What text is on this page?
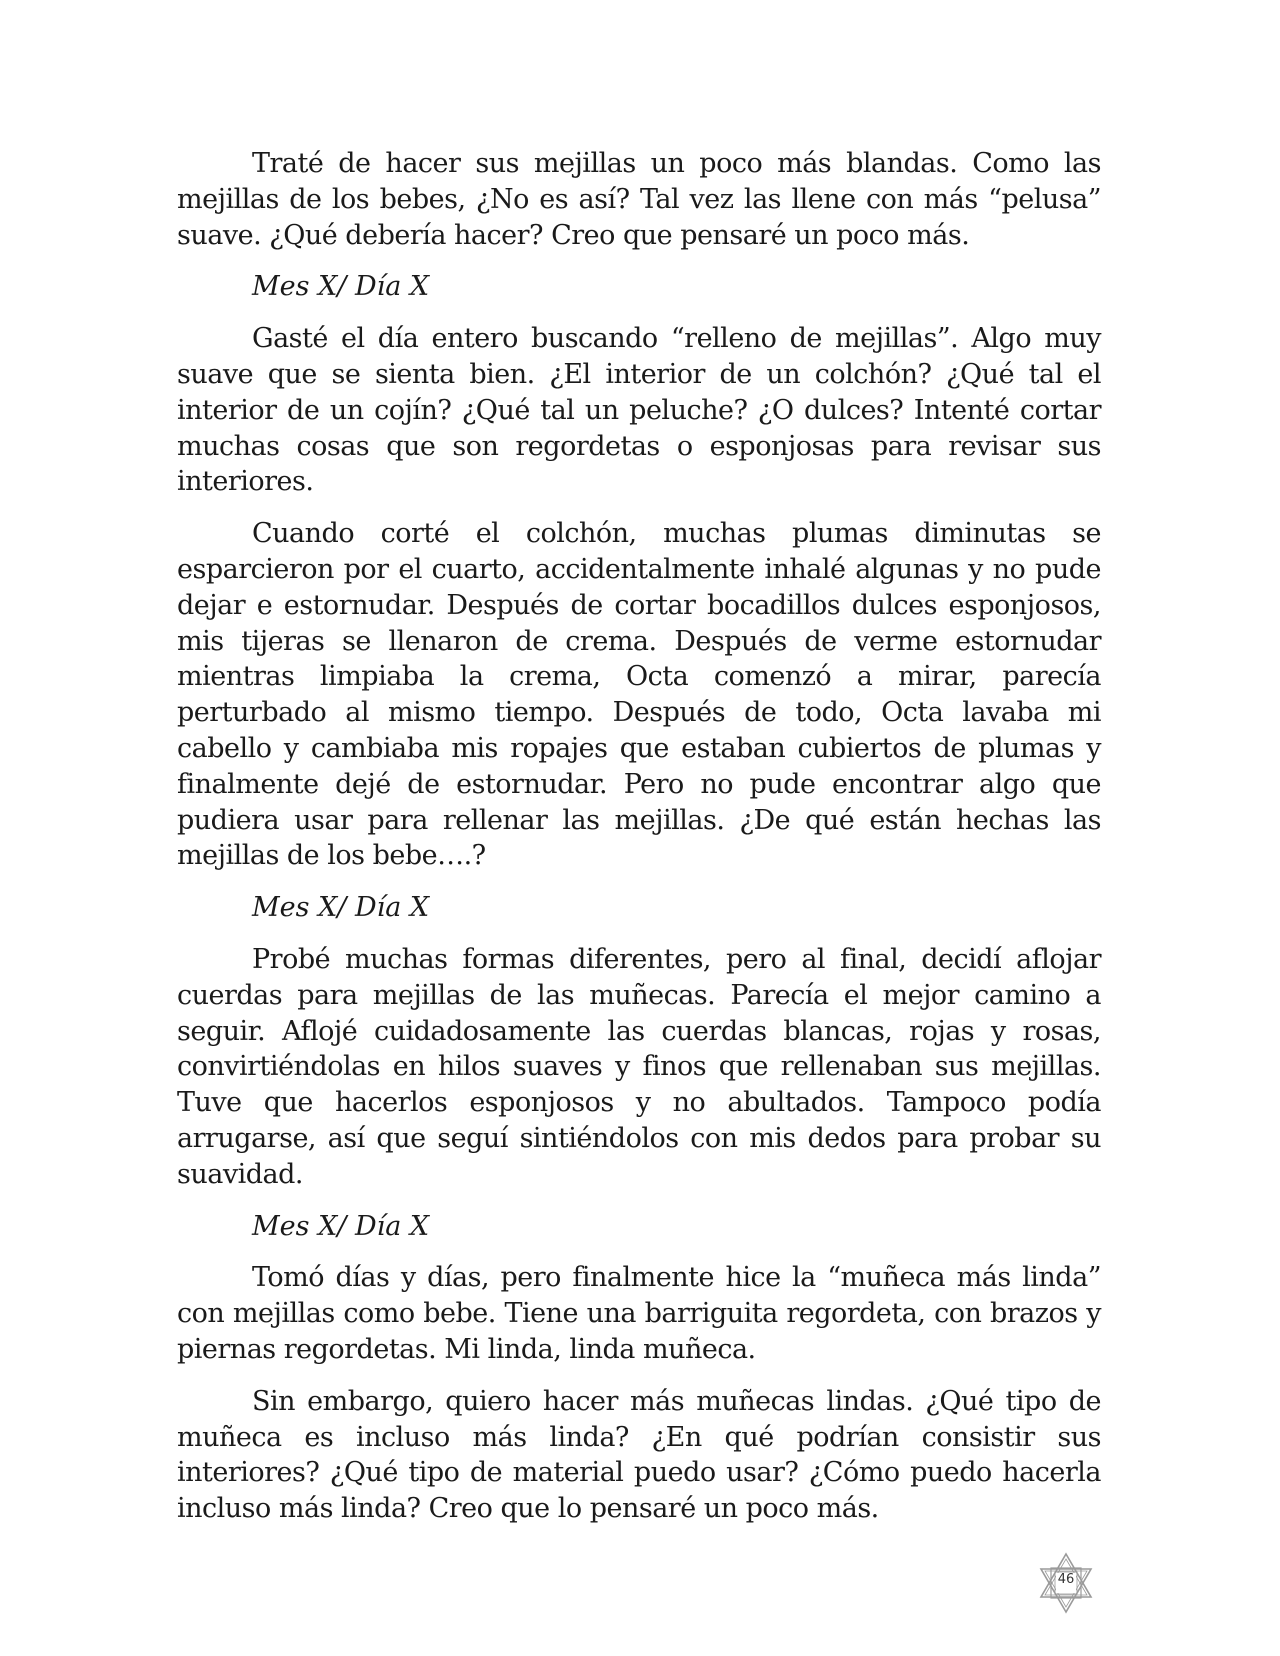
Traté de hacer sus mejillas un poco más blandas. Como las mejillas de los bebes, ¿No es así? Tal vez las llene con más “pelusa” suave. ¿Qué debería hacer? Creo que pensaré un poco más.

Mes X/ Día X

Gasté el día entero buscando “relleno de mejillas”. Algo muy suave que se sienta bien. ¿El interior de un colchón? ¿Qué tal el interior de un cojín? ¿Qué tal un peluche? ¿O dulces? Intenté cortar muchas cosas que son regordetas o esponjosas para revisar sus interiores.

Cuando corté el colchón, muchas plumas diminutas se esparcieron por el cuarto, accidentalmente inhalé algunas y no pude dejar e estornudar. Después de cortar bocadillos dulces esponjosos, mis tijeras se llenaron de crema. Después de verme estornudar mientras limpiaba la crema, Octa comenzó a mirar, parecía perturbado al mismo tiempo. Después de todo, Octa lavaba mi cabello y cambiaba mis ropajes que estaban cubiertos de plumas y finalmente dejé de estornudar. Pero no pude encontrar algo que pudiera usar para rellenar las mejillas. ¿De qué están hechas las mejillas de los bebe….?

Mes X/ Día X

Probé muchas formas diferentes, pero al final, decidí aflojar cuerdas para mejillas de las muñecas. Parecía el mejor camino a seguir. Aflojé cuidadosamente las cuerdas blancas, rojas y rosas, convirtiéndolas en hilos suaves y finos que rellenaban sus mejillas. Tuve que hacerlos esponjosos y no abultados. Tampoco podía arrugarse, así que seguí sintiéndolos con mis dedos para probar su suavidad.

Mes X/ Día X

Tomó días y días, pero finalmente hice la “muñeca más linda” con mejillas como bebe. Tiene una barriguita regordeta, con brazos y piernas regordetas. Mi linda, linda muñeca.

Sin embargo, quiero hacer más muñecas lindas. ¿Qué tipo de muñeca es incluso más linda? ¿En qué podrían consistir sus interiores? ¿Qué tipo de material puedo usar? ¿Cómo puedo hacerla incluso más linda? Creo que lo pensaré un poco más.

46
